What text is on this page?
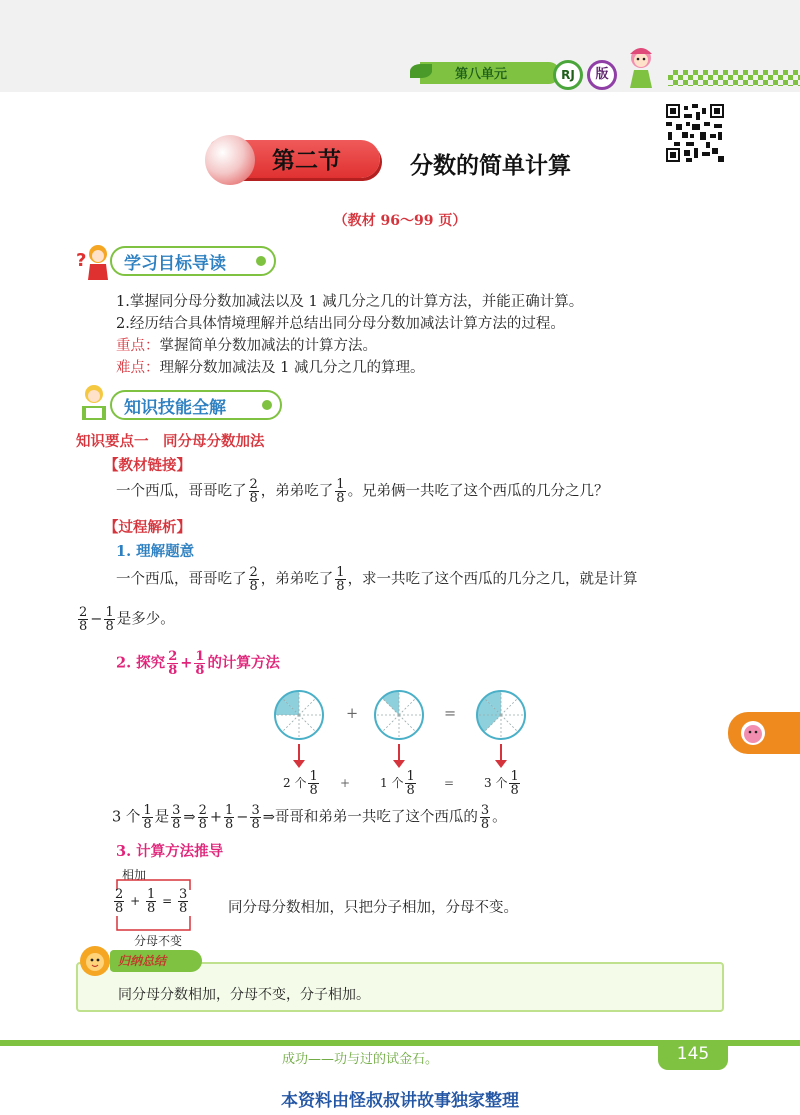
第八单元	RJ	版
第二节	分数的简单计算
（教材 96～99 页）
? 学习目标导读
1.掌握同分母分数加减法以及 1 减几分之几的计算方法，并能正确计算。
2.经历结合具体情境理解并总结出同分母分数加减法计算方法的过程。
重点：掌握简单分数加减法的计算方法。
难点：理解分数加减法及 1 减几分之几的算理。
知识技能全解
知识要点一　同分母分数加法
【教材链接】
一个西瓜，哥哥吃了 $\frac{2}{8}$ ，弟弟吃了 $\frac{1}{8}$ 。兄弟俩一共吃了这个西瓜的几分之几？
【过程解析】
1. 理解题意
一个西瓜，哥哥吃了 $\frac{2}{8}$ ，弟弟吃了 $\frac{1}{8}$ ，求一共吃了这个西瓜的几分之几，就是计算
$\frac{2}{8} - \frac{1}{8}$ 是多少。
2. 探究 $\frac{2}{8} + \frac{1}{8}$ 的计算方法
+	=
2 个 $\frac{1}{8} + 1$ 个 $\frac{1}{8} = 3$ 个 $\frac{1}{8}$
3 个 $\frac{1}{8}$ 是 $\frac{3}{8}$ ⇒ $\frac{2}{8} + \frac{1}{8} - \frac{3}{8}$ ⇒哥哥和弟弟一共吃了这个西瓜的 $\frac{3}{8}$ 。
3. 计算方法推导
相加
$\frac{2}{8} + \frac{1}{8} = \frac{3}{8}$
分母不变
同分母分数相加，只把分子相加，分母不变。
归纳总结
同分母分数相加，分母不变，分子相加。
成功——功与过的试金石。	145
本资料由怪叔叔讲故事独家整理
